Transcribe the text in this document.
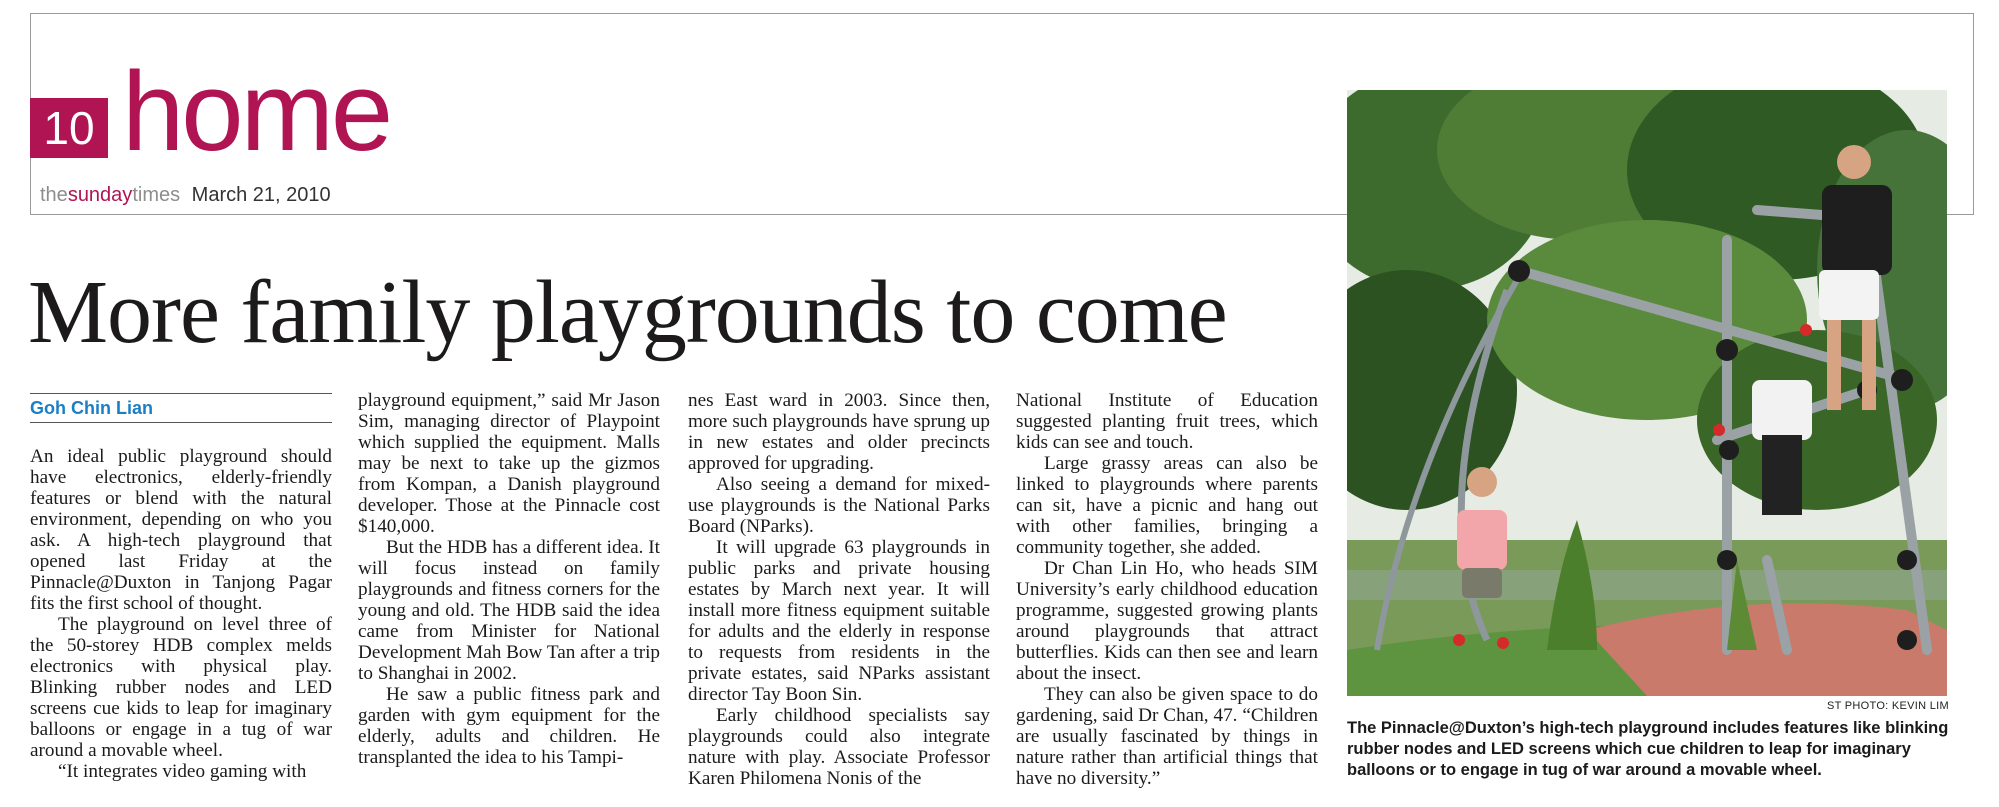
10 home
thesundaytimes March 21, 2010
More family playgrounds to come
Goh Chin Lian

An ideal public playground should have electronics, elderly-friendly features or blend with the natural environment, depending on who you ask. A high-tech playground that opened last Friday at the Pinnacle@Duxton in Tanjong Pagar fits the first school of thought.

The playground on level three of the 50-storey HDB complex melds electronics with physical play. Blinking rubber nodes and LED screens cue kids to leap for imaginary balloons or engage in a tug of war around a movable wheel.

“It integrates video gaming with

playground equipment,” said Mr Jason Sim, managing director of Playpoint which supplied the equipment. Malls may be next to take up the gizmos from Kompan, a Danish playground developer. Those at the Pinnacle cost $140,000.

But the HDB has a different idea. It will focus instead on family playgrounds and fitness corners for the young and old. The HDB said the idea came from Minister for National Development Mah Bow Tan after a trip to Shanghai in 2002.

He saw a public fitness park and garden with gym equipment for the elderly, adults and children. He transplanted the idea to his Tampi-

nes East ward in 2003. Since then, more such playgrounds have sprung up in new estates and older precincts approved for upgrading.

Also seeing a demand for mixed-use playgrounds is the National Parks Board (NParks).

It will upgrade 63 playgrounds in public parks and private housing estates by March next year. It will install more fitness equipment suitable for adults and the elderly in response to requests from residents in the private estates, said NParks assistant director Tay Boon Sin.

Early childhood specialists say playgrounds could also integrate nature with play. Associate Professor Karen Philomena Nonis of the

National Institute of Education suggested planting fruit trees, which kids can see and touch.

Large grassy areas can also be linked to playgrounds where parents can sit, have a picnic and hang out with other families, bringing a community together, she added.

Dr Chan Lin Ho, who heads SIM University’s early childhood education programme, suggested growing plants around playgrounds that attract butterflies. Kids can then see and learn about the insect.

They can also be given space to do gardening, said Dr Chan, 47. “Children are usually fascinated by things in nature rather than artificial things that have no diversity.”

ST PHOTO: KEVIN LIM
The Pinnacle@Duxton’s high-tech playground includes features like blinking rubber nodes and LED screens which cue children to leap for imaginary balloons or to engage in tug of war around a movable wheel.
